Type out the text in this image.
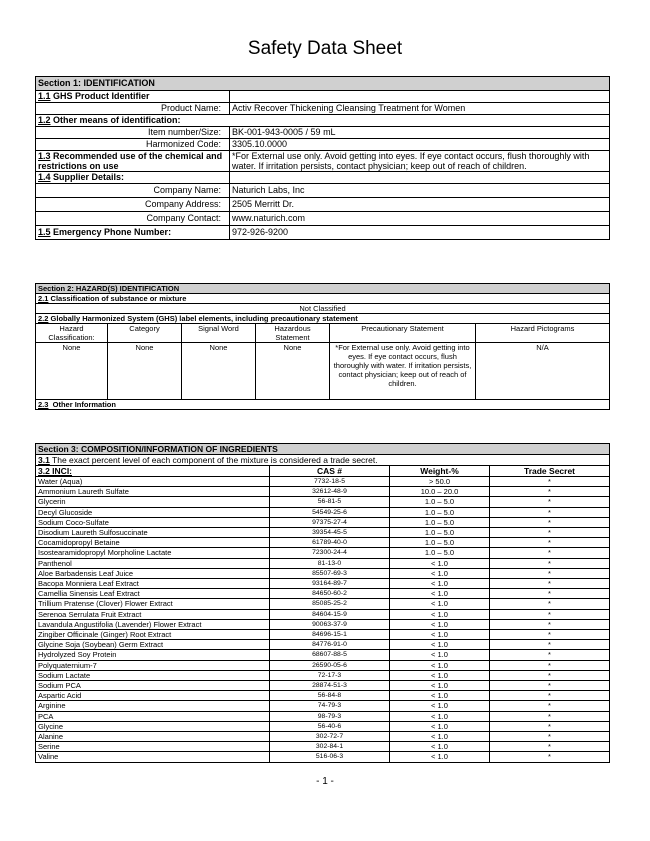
Safety Data Sheet
Section 1: IDENTIFICATION	
1.1 GHS Product Identifier	
Product Name:	Activ Recover Thickening Cleansing Treatment for Women
1.2 Other means of identification:	
Item number/Size:	BK-001-943-0005 / 59 mL
Harmonized Code:	3305.10.0000
1.3 Recommended use of the chemical and restrictions on use	*For External use only. Avoid getting into eyes. If eye contact occurs, flush thoroughly with water. If irritation persists, contact physician; keep out of reach of children.
1.4 Supplier Details:	
Company Name:	Naturich Labs, Inc
Company Address:	2505 Merritt Dr.
Company Contact:	www.naturich.com
1.5 Emergency Phone Number:	972-926-9200
Section 2: HAZARD(S) IDENTIFICATION					
2.1 Classification of substance or mixture					
Not Classified					
2.2 Globally Harmonized System (GHS) label elements, including precautionary statement					
Hazard Classification:	Category	Signal Word	Hazardous Statement	Precautionary Statement	Hazard Pictograms
None	None	None	None	*For External use only. Avoid getting into eyes. If eye contact occurs, flush thoroughly with water. If irritation persists, contact physician; keep out of reach of children.	N/A
2.3 Other Information					
Section 3: COMPOSITION/INFORMATION OF INGREDIENTS			
3.1 The exact percent level of each component of the mixture is considered a trade secret.			
3.2 INCI:	CAS #	Weight-%	Trade Secret
Water (Aqua)	7732-18-5	> 50.0	*
Ammonium Laureth Sulfate	32612-48-9	10.0 – 20.0	*
Glycerin	56-81-5	1.0 – 5.0	*
Decyl Glucoside	54549-25-6	1.0 – 5.0	*
Sodium Coco-Sulfate	97375-27-4	1.0 – 5.0	*
Disodium Laureth Sulfosuccinate	39354-45-5	1.0 – 5.0	*
Cocamidopropyl Betaine	61789-40-0	1.0 – 5.0	*
Isostearamidopropyl Morpholine Lactate	72300-24-4	1.0 – 5.0	*
Panthenol	81-13-0	< 1.0	*
Aloe Barbadensis Leaf Juice	85507-69-3	< 1.0	*
Bacopa Monniera Leaf Extract	93164-89-7	< 1.0	*
Camellia Sinensis Leaf Extract	84650-60-2	< 1.0	*
Trillium Pratense (Clover) Flower Extract	85085-25-2	< 1.0	*
Serenoa Serrulata Fruit Extract	84604-15-9	< 1.0	*
Lavandula Angustifolia (Lavender) Flower Extract	90063-37-9	< 1.0	*
Zingiber Officinale (Ginger) Root Extract	84696-15-1	< 1.0	*
Glycine Soja (Soybean) Germ Extract	84776-91-0	< 1.0	*
Hydrolyzed Soy Protein	68607-88-5	< 1.0	*
Polyquaternium-7	26590-05-6	< 1.0	*
Sodium Lactate	72-17-3	< 1.0	*
Sodium PCA	28874-51-3	< 1.0	*
Aspartic Acid	56-84-8	< 1.0	*
Arginine	74-79-3	< 1.0	*
PCA	98-79-3	< 1.0	*
Glycine	56-40-6	< 1.0	*
Alanine	302-72-7	< 1.0	*
Serine	302-84-1	< 1.0	*
Valine	516-06-3	< 1.0	*
- 1 -
